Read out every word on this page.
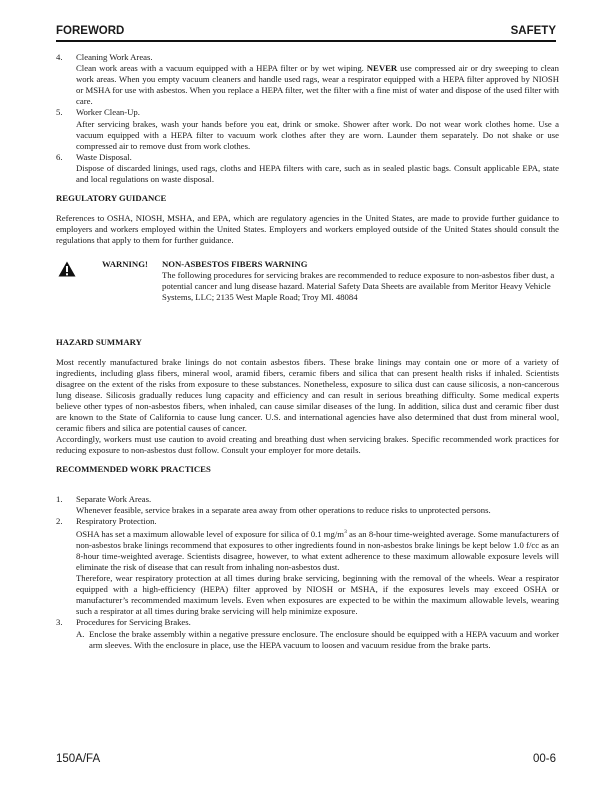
FOREWORD	SAFETY
4.	Cleaning Work Areas.

Clean work areas with a vacuum equipped with a HEPA filter or by wet wiping. NEVER use compressed air or dry sweeping to clean work areas. When you empty vacuum cleaners and handle used rags, wear a respirator equipped with a HEPA filter approved by NIOSH or MSHA for use with asbestos. When you replace a HEPA filter, wet the filter with a fine mist of water and dispose of the used filter with care.

5.	Worker Clean-Up.

After servicing brakes, wash your hands before you eat, drink or smoke. Shower after work. Do not wear work clothes home. Use a vacuum equipped with a HEPA filter to vacuum work clothes after they are worn. Launder them separately. Do not shake or use compressed air to remove dust from work clothes.

6.	Waste Disposal.

Dispose of discarded linings, used rags, cloths and HEPA filters with care, such as in sealed plastic bags. Consult applicable EPA, state and local regulations on waste disposal.

REGULATORY GUIDANCE

References to OSHA, NIOSH, MSHA, and EPA, which are regulatory agencies in the United States, are made to provide further guidance to employers and workers employed within the United States. Employers and workers employed outside of the United States should consult the regulations that apply to them for further guidance.

WARNING! NON-ASBESTOS FIBERS WARNING
The following procedures for servicing brakes are recommended to reduce exposure to non-asbestos fiber dust, a potential cancer and lung disease hazard. Material Safety Data Sheets are available from Meritor Heavy Vehicle Systems, LLC; 2135 West Maple Road; Troy MI. 48084
HAZARD SUMMARY

Most recently manufactured brake linings do not contain asbestos fibers. These brake linings may contain one or more of a variety of ingredients, including glass fibers, mineral wool, aramid fibers, ceramic fibers and silica that can present health risks if inhaled. Scientists disagree on the extent of the risks from exposure to these substances. Nonetheless, exposure to silica dust can cause silicosis, a non-cancerous lung disease. Silicosis gradually reduces lung capacity and efficiency and can result in serious breathing difficulty. Some medical experts believe other types of non-asbestos fibers, when inhaled, can cause similar diseases of the lung. In addition, silica dust and ceramic fiber dust are known to the State of California to cause lung cancer. U.S. and international agencies have also determined that dust from mineral wool, ceramic fibers and silica are potential causes of cancer.

Accordingly, workers must use caution to avoid creating and breathing dust when servicing brakes. Specific recommended work practices for reducing exposure to non-asbestos dust follow. Consult your employer for more details.

RECOMMENDED WORK PRACTICES
1.	Separate Work Areas.

Whenever feasible, service brakes in a separate area away from other operations to reduce risks to unprotected persons.

2.	Respiratory Protection.

OSHA has set a maximum allowable level of exposure for silica of 0.1 $mg/m^3$ as an 8-hour time-weighted average. Some manufacturers of non-asbestos brake linings recommend that exposures to other ingredients found in non-asbestos brake linings be kept below 1.0 f/cc as an 8-hour time-weighted average. Scientists disagree, however, to what extent adherence to these maximum allowable exposure levels will eliminate the risk of disease that can result from inhaling non-asbestos dust.

Therefore, wear respiratory protection at all times during brake servicing, beginning with the removal of the wheels. Wear a respirator equipped with a high-efficiency (HEPA) filter approved by NIOSH or MSHA, if the exposures levels may exceed OSHA or manufacturer’s recommended maximum levels. Even when exposures are expected to be within the maximum allowable levels, wearing such a respirator at all times during brake servicing will help minimize exposure.

3.	Procedures for Servicing Brakes.

A. Enclose the brake assembly within a negative pressure enclosure. The enclosure should be equipped with a HEPA vacuum and worker arm sleeves. With the enclosure in place, use the HEPA vacuum to loosen and vacuum residue from the brake parts.

150A/FA	00-6
